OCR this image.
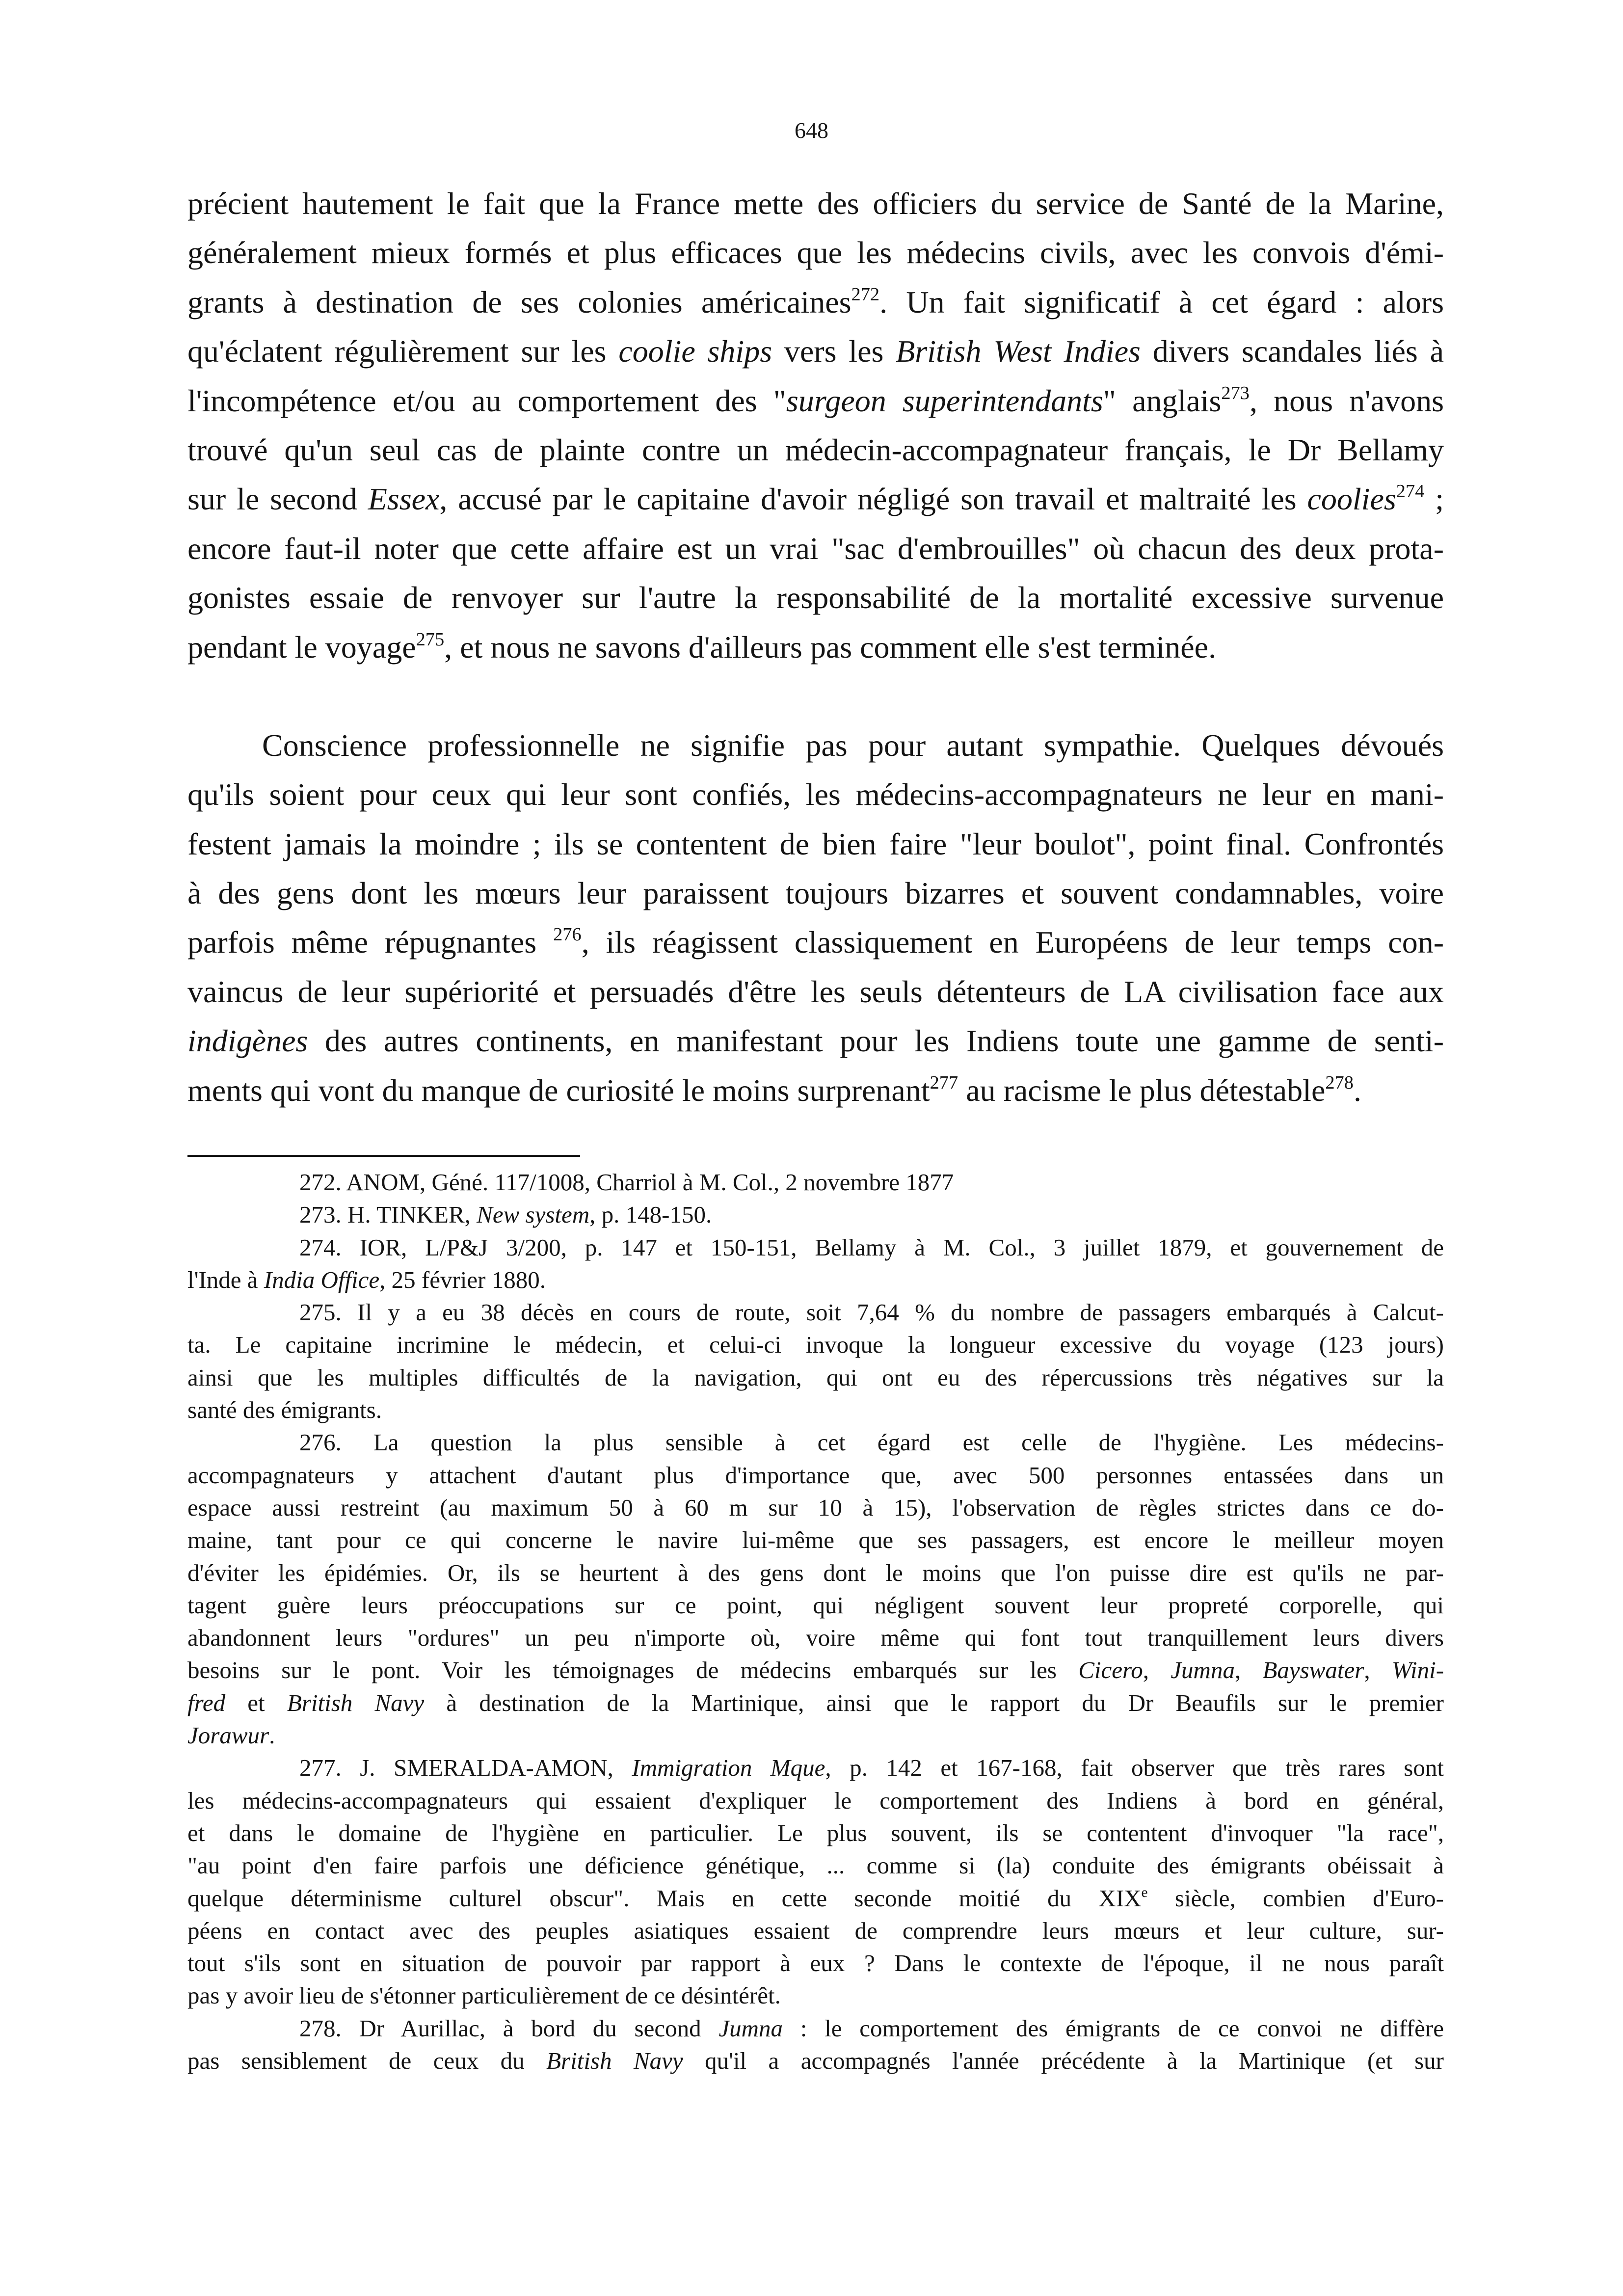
648
précient hautement le fait que la France mette des officiers du service de Santé de la Marine,
généralement mieux formés et plus efficaces que les médecins civils, avec les convois d'émi-
grants à destination de ses colonies américaines$^{272}$. Un fait significatif à cet égard : alors
qu'éclatent régulièrement sur les coolie ships vers les British West Indies divers scandales liés à
l'incompétence et/ou au comportement des "surgeon superintendants" anglais$^{273}$, nous n'avons
trouvé qu'un seul cas de plainte contre un médecin-accompagnateur français, le Dr Bellamy
sur le second Essex, accusé par le capitaine d'avoir négligé son travail et maltraité les coolies$^{274}$ ;
encore faut-il noter que cette affaire est un vrai "sac d'embrouilles" où chacun des deux prota-
gonistes essaie de renvoyer sur l'autre la responsabilité de la mortalité excessive survenue
pendant le voyage$^{275}$, et nous ne savons d'ailleurs pas comment elle s'est terminée.
Conscience professionnelle ne signifie pas pour autant sympathie. Quelques dévoués
qu'ils soient pour ceux qui leur sont confiés, les médecins-accompagnateurs ne leur en mani-
festent jamais la moindre ; ils se contentent de bien faire "leur boulot", point final. Confrontés
à des gens dont les mœurs leur paraissent toujours bizarres et souvent condamnables, voire
parfois même répugnantes $^{276}$, ils réagissent classiquement en Européens de leur temps con-
vaincus de leur supériorité et persuadés d'être les seuls détenteurs de LA civilisation face aux
indigènes des autres continents, en manifestant pour les Indiens toute une gamme de senti-
ments qui vont du manque de curiosité le moins surprenant$^{277}$ au racisme le plus détestable$^{278}$.
272. ANOM, Géné. 117/1008, Charriol à M. Col., 2 novembre 1877
273. H. TINKER, New system, p. 148-150.
274. IOR, L/P&J 3/200, p. 147 et 150-151, Bellamy à M. Col., 3 juillet 1879, et gouvernement de
l'Inde à India Office, 25 février 1880.
275. Il y a eu 38 décès en cours de route, soit 7,64 % du nombre de passagers embarqués à Calcut-
ta. Le capitaine incrimine le médecin, et celui-ci invoque la longueur excessive du voyage (123 jours)
ainsi que les multiples difficultés de la navigation, qui ont eu des répercussions très négatives sur la
santé des émigrants.
276. La question la plus sensible à cet égard est celle de l'hygiène. Les médecins-
accompagnateurs y attachent d'autant plus d'importance que, avec 500 personnes entassées dans un
espace aussi restreint (au maximum 50 à 60 m sur 10 à 15), l'observation de règles strictes dans ce do-
maine, tant pour ce qui concerne le navire lui-même que ses passagers, est encore le meilleur moyen
d'éviter les épidémies. Or, ils se heurtent à des gens dont le moins que l'on puisse dire est qu'ils ne par-
tagent guère leurs préoccupations sur ce point, qui négligent souvent leur propreté corporelle, qui
abandonnent leurs "ordures" un peu n'importe où, voire même qui font tout tranquillement leurs divers
besoins sur le pont. Voir les témoignages de médecins embarqués sur les Cicero, Jumna, Bayswater, Wini-
fred et British Navy à destination de la Martinique, ainsi que le rapport du Dr Beaufils sur le premier
Jorawur.
277. J. SMERALDA-AMON, Immigration Mque, p. 142 et 167-168, fait observer que très rares sont
les médecins-accompagnateurs qui essaient d'expliquer le comportement des Indiens à bord en général,
et dans le domaine de l'hygiène en particulier. Le plus souvent, ils se contentent d'invoquer "la race",
"au point d'en faire parfois une déficience génétique, ... comme si (la) conduite des émigrants obéissait à
quelque déterminisme culturel obscur". Mais en cette seconde moitié du XIXe siècle, combien d'Euro-
péens en contact avec des peuples asiatiques essaient de comprendre leurs mœurs et leur culture, sur-
tout s'ils sont en situation de pouvoir par rapport à eux ? Dans le contexte de l'époque, il ne nous paraît
pas y avoir lieu de s'étonner particulièrement de ce désintérêt.
278. Dr Aurillac, à bord du second Jumna : le comportement des émigrants de ce convoi ne diffère
pas sensiblement de ceux du British Navy qu'il a accompagnés l'année précédente à la Martinique (et sur
